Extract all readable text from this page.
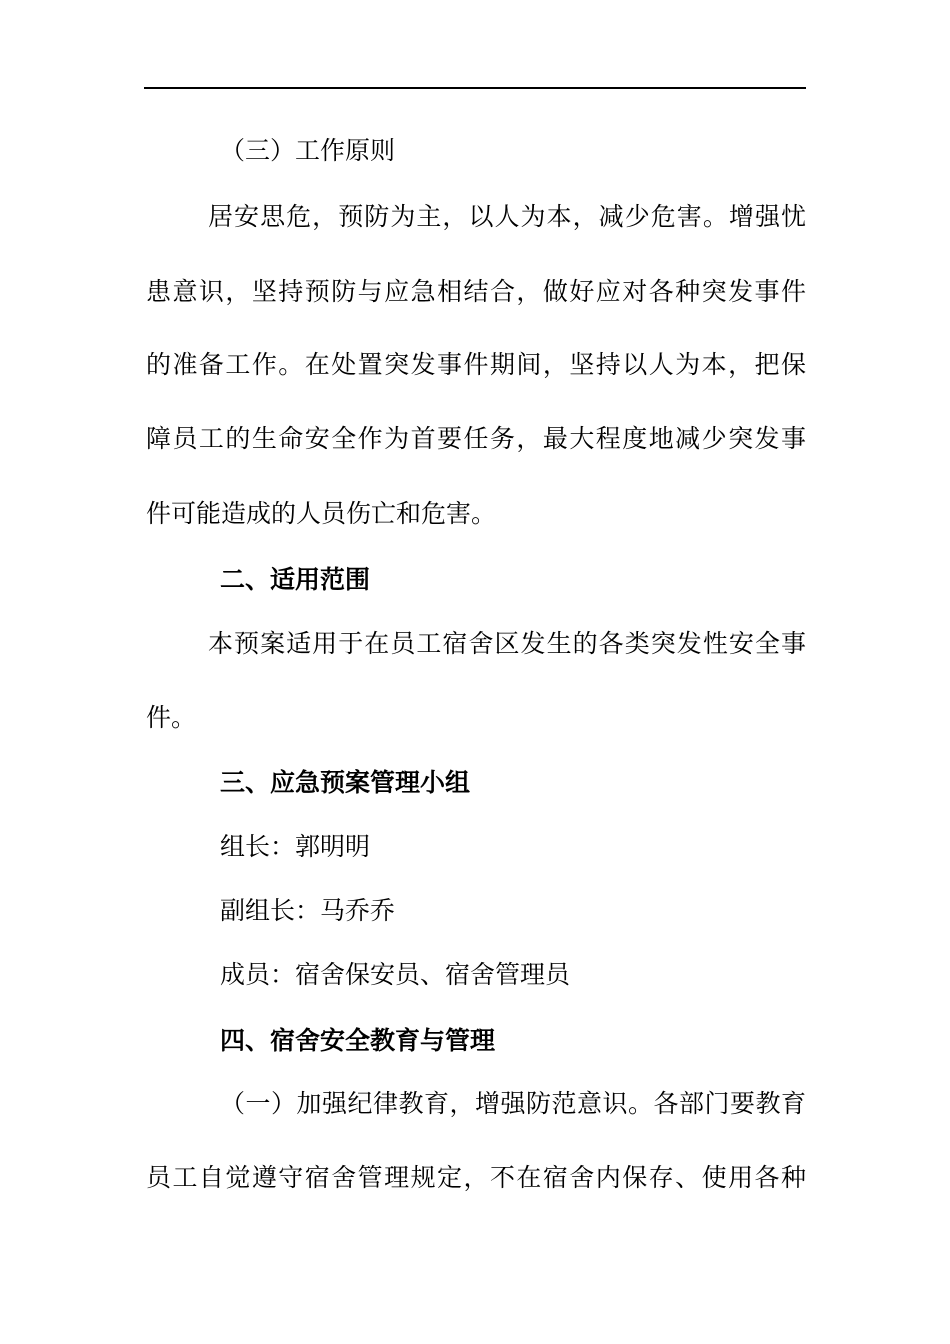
（三）工作原则
居安思危，预防为主，以人为本，减少危害。增强忧
患意识，坚持预防与应急相结合，做好应对各种突发事件
的准备工作。在处置突发事件期间，坚持以人为本，把保
障员工的生命安全作为首要任务，最大程度地减少突发事
件可能造成的人员伤亡和危害。
二、适用范围
本预案适用于在员工宿舍区发生的各类突发性安全事
件。
三、应急预案管理小组
组长：郭明明
副组长：马乔乔
成员：宿舍保安员、宿舍管理员
四、宿舍安全教育与管理
（一）加强纪律教育，增强防范意识。各部门要教育
员工自觉遵守宿舍管理规定，不在宿舍内保存、使用各种
